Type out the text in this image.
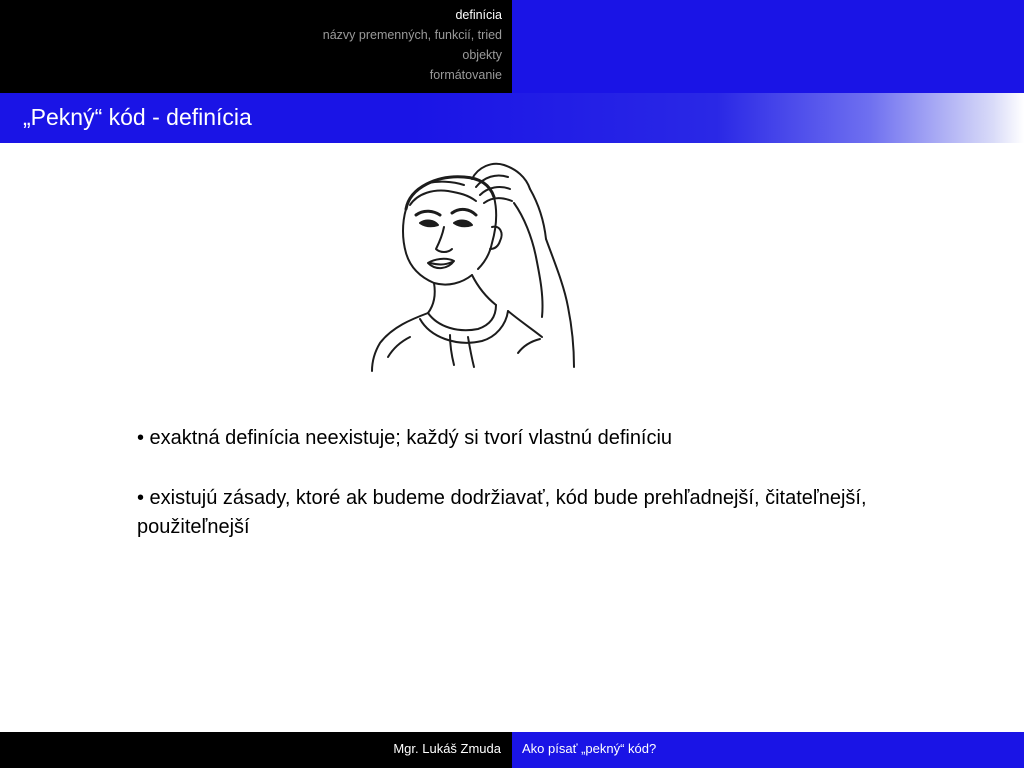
definícia
názvy premenných, funkcií, tried
objekty
formátovanie
„Pekný“ kód - definícia

• exaktná definícia neexistuje; každý si tvorí vlastnú definíciu

• existujú zásady, ktoré ak budeme dodržiavať, kód bude prehľadnejší, čitateľnejší, použiteľnejší

Mgr. Lukáš Zmuda Ako písať „pekný“ kód?
